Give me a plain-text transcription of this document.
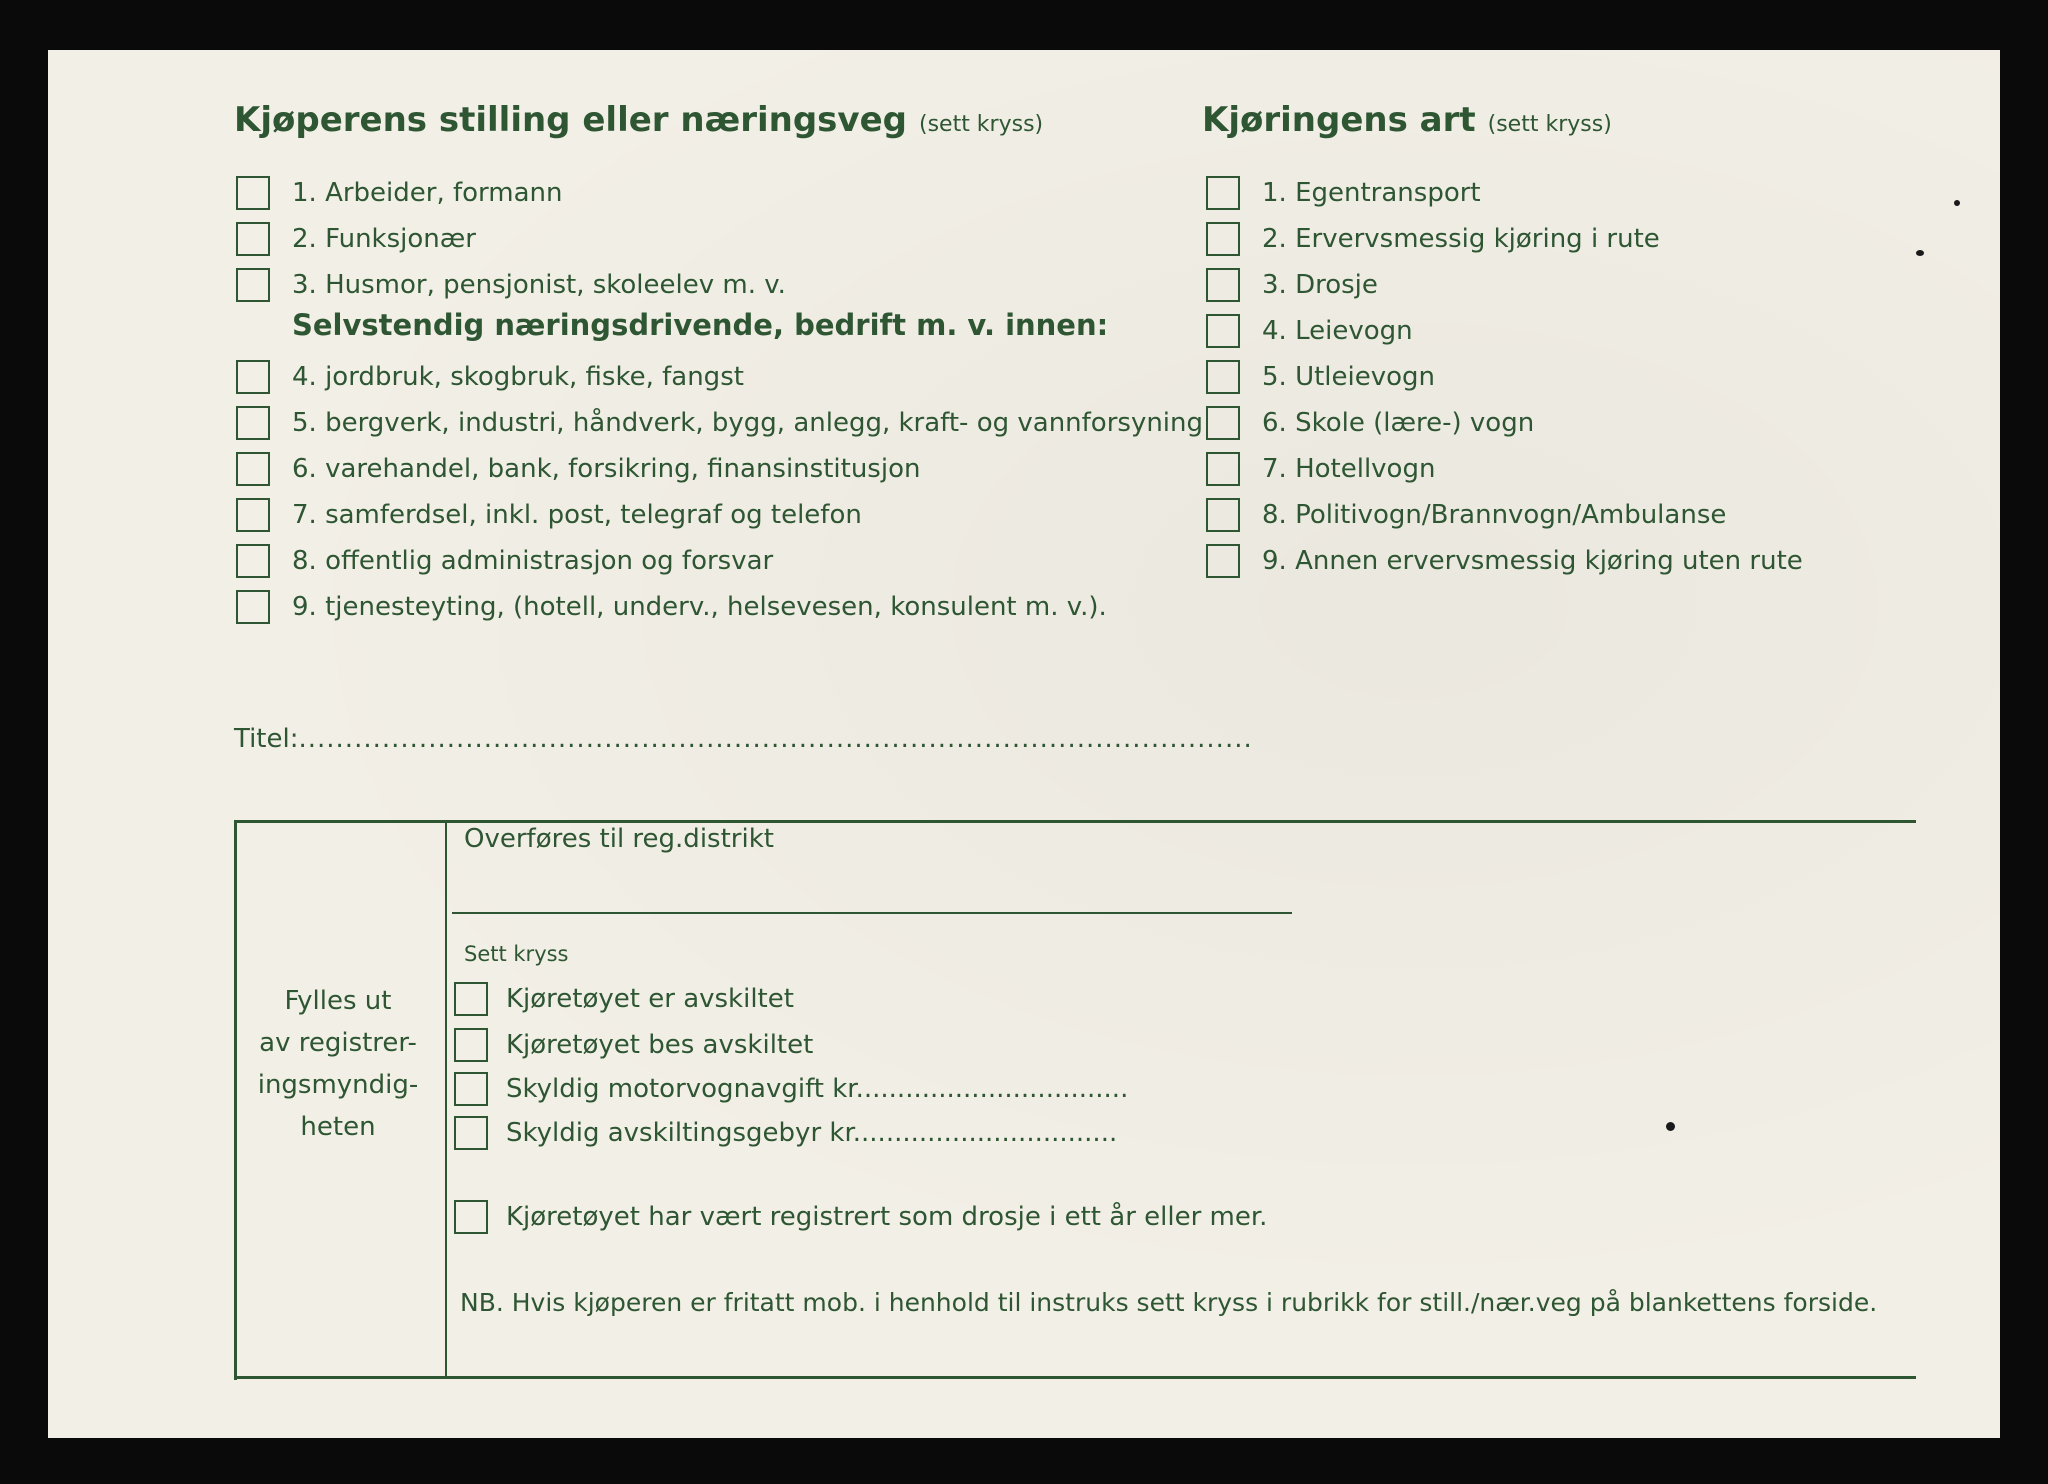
Kjøperens stilling eller næringsveg (sett kryss)	Kjøringens art (sett kryss)
1. Arbeider, formann
2. Funksjonær
3. Husmor, pensjonist, skoleelev m. v.
Selvstendig næringsdrivende, bedrift m. v. innen:
4. jordbruk, skogbruk, fiske, fangst
5. bergverk, industri, håndverk, bygg, anlegg, kraft- og vannforsyning
6. varehandel, bank, forsikring, finansinstitusjon
7. samferdsel, inkl. post, telegraf og telefon
8. offentlig administrasjon og forsvar
9. tjenesteyting, (hotell, underv., helsevesen, konsulent m. v.).
1. Egentransport
2. Ervervsmessig kjøring i rute
3. Drosje
4. Leievogn
5. Utleievogn
6. Skole (lære-) vogn
7. Hotellvogn
8. Politivogn/Brannvogn/Ambulanse
9. Annen ervervsmessig kjøring uten rute
Titel:.......................................................................................................
Fylles ut
av registrer-
ingsmyndig-
heten
Overføres til reg.distrikt
Sett kryss
Kjøretøyet er avskiltet
Kjøretøyet bes avskiltet
Skyldig motorvognavgift kr.................................
Skyldig avskiltingsgebyr kr................................
Kjøretøyet har vært registrert som drosje i ett år eller mer.
NB. Hvis kjøperen er fritatt mob. i henhold til instruks sett kryss i rubrikk for still./nær.veg på blankettens forside.
